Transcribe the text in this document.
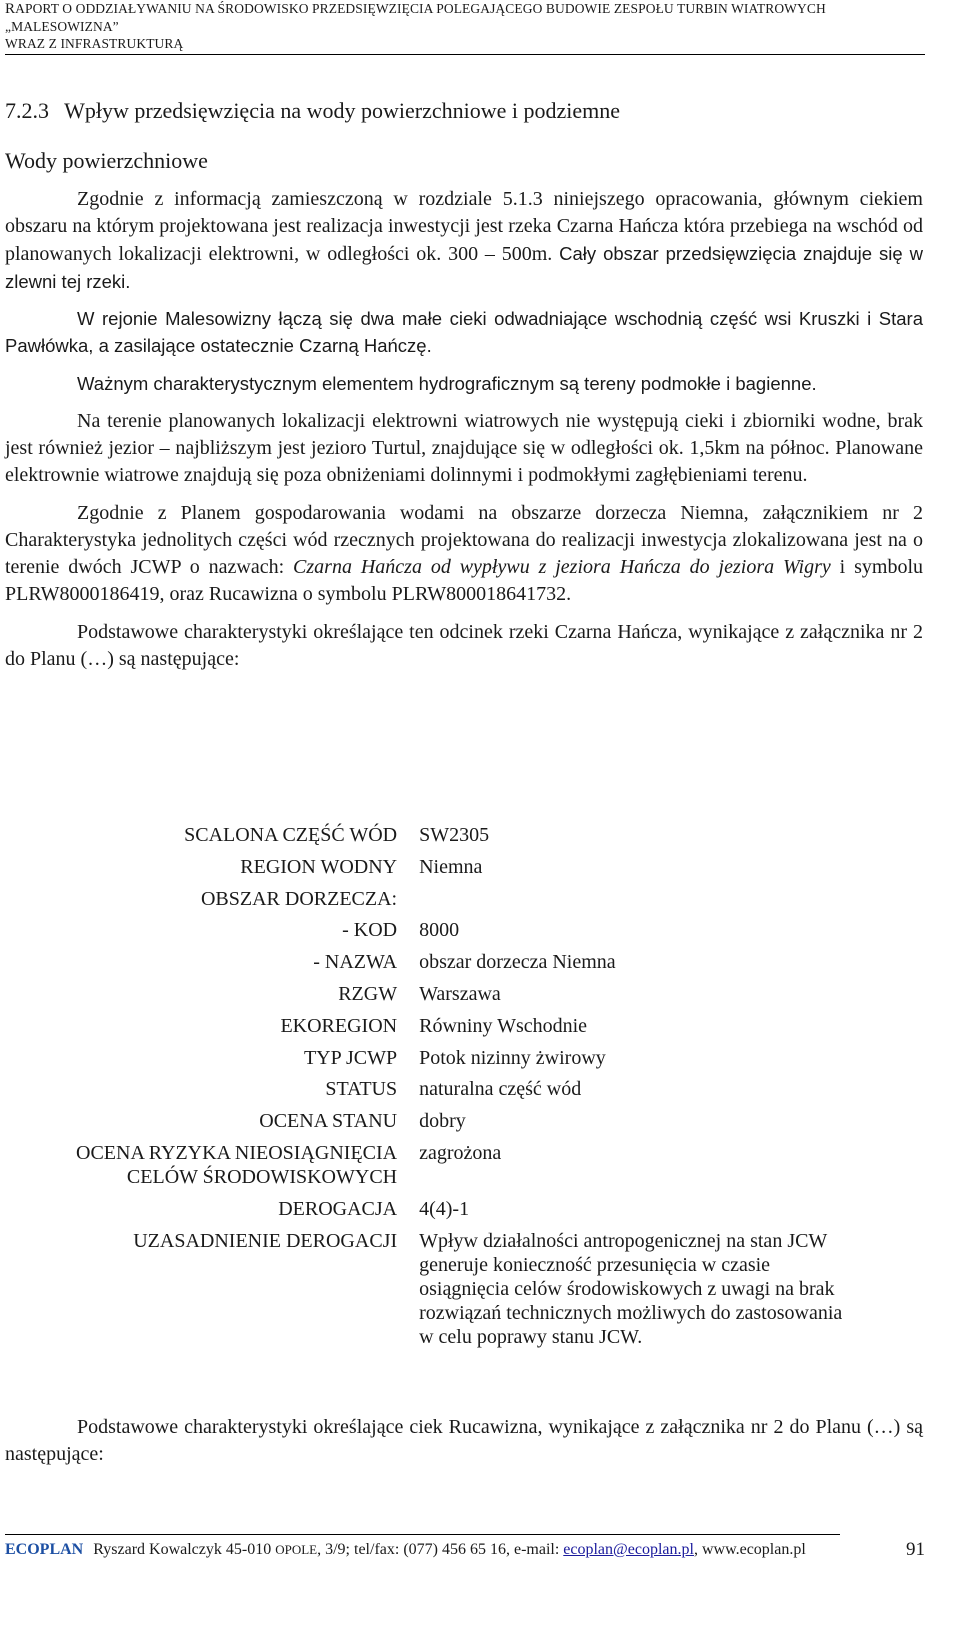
RAPORT O ODDZIAŁYWANIU NA ŚRODOWISKO PRZEDSIĘWZIĘCIA POLEGAJĄCEGO BUDOWIE ZESPOŁU TURBIN WIATROWYCH „MALESOWIZNA”
WRAZ Z INFRASTRUKTURĄ
7.2.3 Wpływ przedsięwzięcia na wody powierzchniowe i podziemne
Wody powierzchniowe

Zgodnie z informacją zamieszczoną w rozdziale 5.1.3 niniejszego opracowania, głównym ciekiem obszaru na którym projektowana jest realizacja inwestycji jest rzeka Czarna Hańcza która przebiega na wschód od planowanych lokalizacji elektrowni, w odległości ok. 300 – 500m. Cały obszar przedsięwzięcia znajduje się w zlewni tej rzeki.

W rejonie Malesowizny łączą się dwa małe cieki odwadniające wschodnią część wsi Kruszki i Stara Pawłówka, a zasilające ostatecznie Czarną Hańczę.

Ważnym charakterystycznym elementem hydrograficznym są tereny podmokłe i bagienne.

Na terenie planowanych lokalizacji elektrowni wiatrowych nie występują cieki i zbiorniki wodne, brak jest również jezior – najbliższym jest jezioro Turtul, znajdujące się w odległości ok. 1,5km na północ. Planowane elektrownie wiatrowe znajdują się poza obniżeniami dolinnymi i podmokłymi zagłębieniami terenu.

Zgodnie z Planem gospodarowania wodami na obszarze dorzecza Niemna, załącznikiem nr 2 Charakterystyka jednolitych części wód rzecznych projektowana do realizacji inwestycja zlokalizowana jest na o terenie dwóch JCWP o nazwach: Czarna Hańcza od wypływu z jeziora Hańcza do jeziora Wigry i symbolu PLRW8000186419, oraz Rucawizna o symbolu PLRW800018641732.

Podstawowe charakterystyki określające ten odcinek rzeki Czarna Hańcza, wynikające z załącznika nr 2 do Planu (…) są następujące:

SCALONA CZĘŚĆ WÓD	SW2305
REGION WODNY	Niemna
OBSZAR DORZECZA:	
- KOD	8000
- NAZWA	obszar dorzecza Niemna
RZGW	Warszawa
EKOREGION	Równiny Wschodnie
TYP JCWP	Potok nizinny żwirowy
STATUS	naturalna część wód
OCENA STANU	dobry
OCENA RYZYKA NIEOSIĄGNIĘCIA
CELÓW ŚRODOWISKOWYCH	zagrożona
DEROGACJA	4(4)-1
UZASADNIENIE DEROGACJI	Wpływ działalności antropogenicznej na stan JCW generuje konieczność przesunięcia w czasie osiągnięcia celów środowiskowych z uwagi na brak rozwiązań technicznych możliwych do zastosowania w celu poprawy stanu JCW.

Podstawowe charakterystyki określające ciek Rucawizna, wynikające z załącznika nr 2 do Planu (…) są następujące:

ECOPLAN Ryszard Kowalczyk 45-010 OPOLE, 3/9; tel/fax: (077) 456 65 16, e-mail: ecoplan@ecoplan.pl, www.ecoplan.pl	91
